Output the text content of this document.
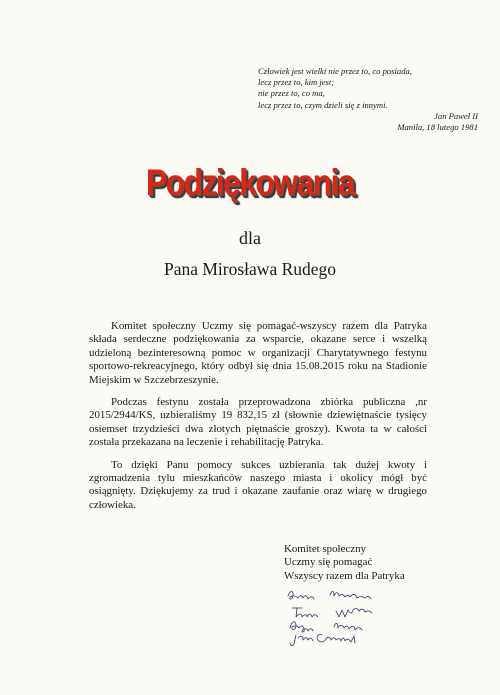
Człowiek jest wielki nie przez to, co posiada,
lecz przez to, kim jest;
nie przez to, co ma,
lecz przez to, czym dzieli się z innymi.
Jan Paweł II
Manila, 18 lutego 1981
Podziękowania
dla
Pana Mirosława Rudego

Komitet społeczny Uczmy się pomagać-wszyscy razem dla Patryka składa serdeczne podziękowania za wsparcie, okazane serce i wszelką udzieloną bezinteresowną pomoc w organizacji Charytatywnego festynu sportowo-rekreacyjnego, który odbył się dnia 15.08.2015 roku na Stadionie Miejskim w Szczebrzeszynie.

Podczas festynu została przeprowadzona zbiórka publiczna ,nr 2015/2944/KS, uzbieraliśmy 19 832,15 zł (słownie dziewiętnaście tysięcy osiemset trzydzieści dwa złotych piętnaście groszy). Kwota ta w całości została przekazana na leczenie i rehabilitację Patryka.

To dzięki Panu pomocy sukces uzbierania tak dużej kwoty i zgromadzenia tylu mieszkańców naszego miasta i okolicy mógł być osiągnięty. Dziękujemy za trud i okazane zaufanie oraz wiarę w drugiego człowieka.

Komitet społeczny
Uczmy się pomagać
Wszyscy razem dla Patryka
